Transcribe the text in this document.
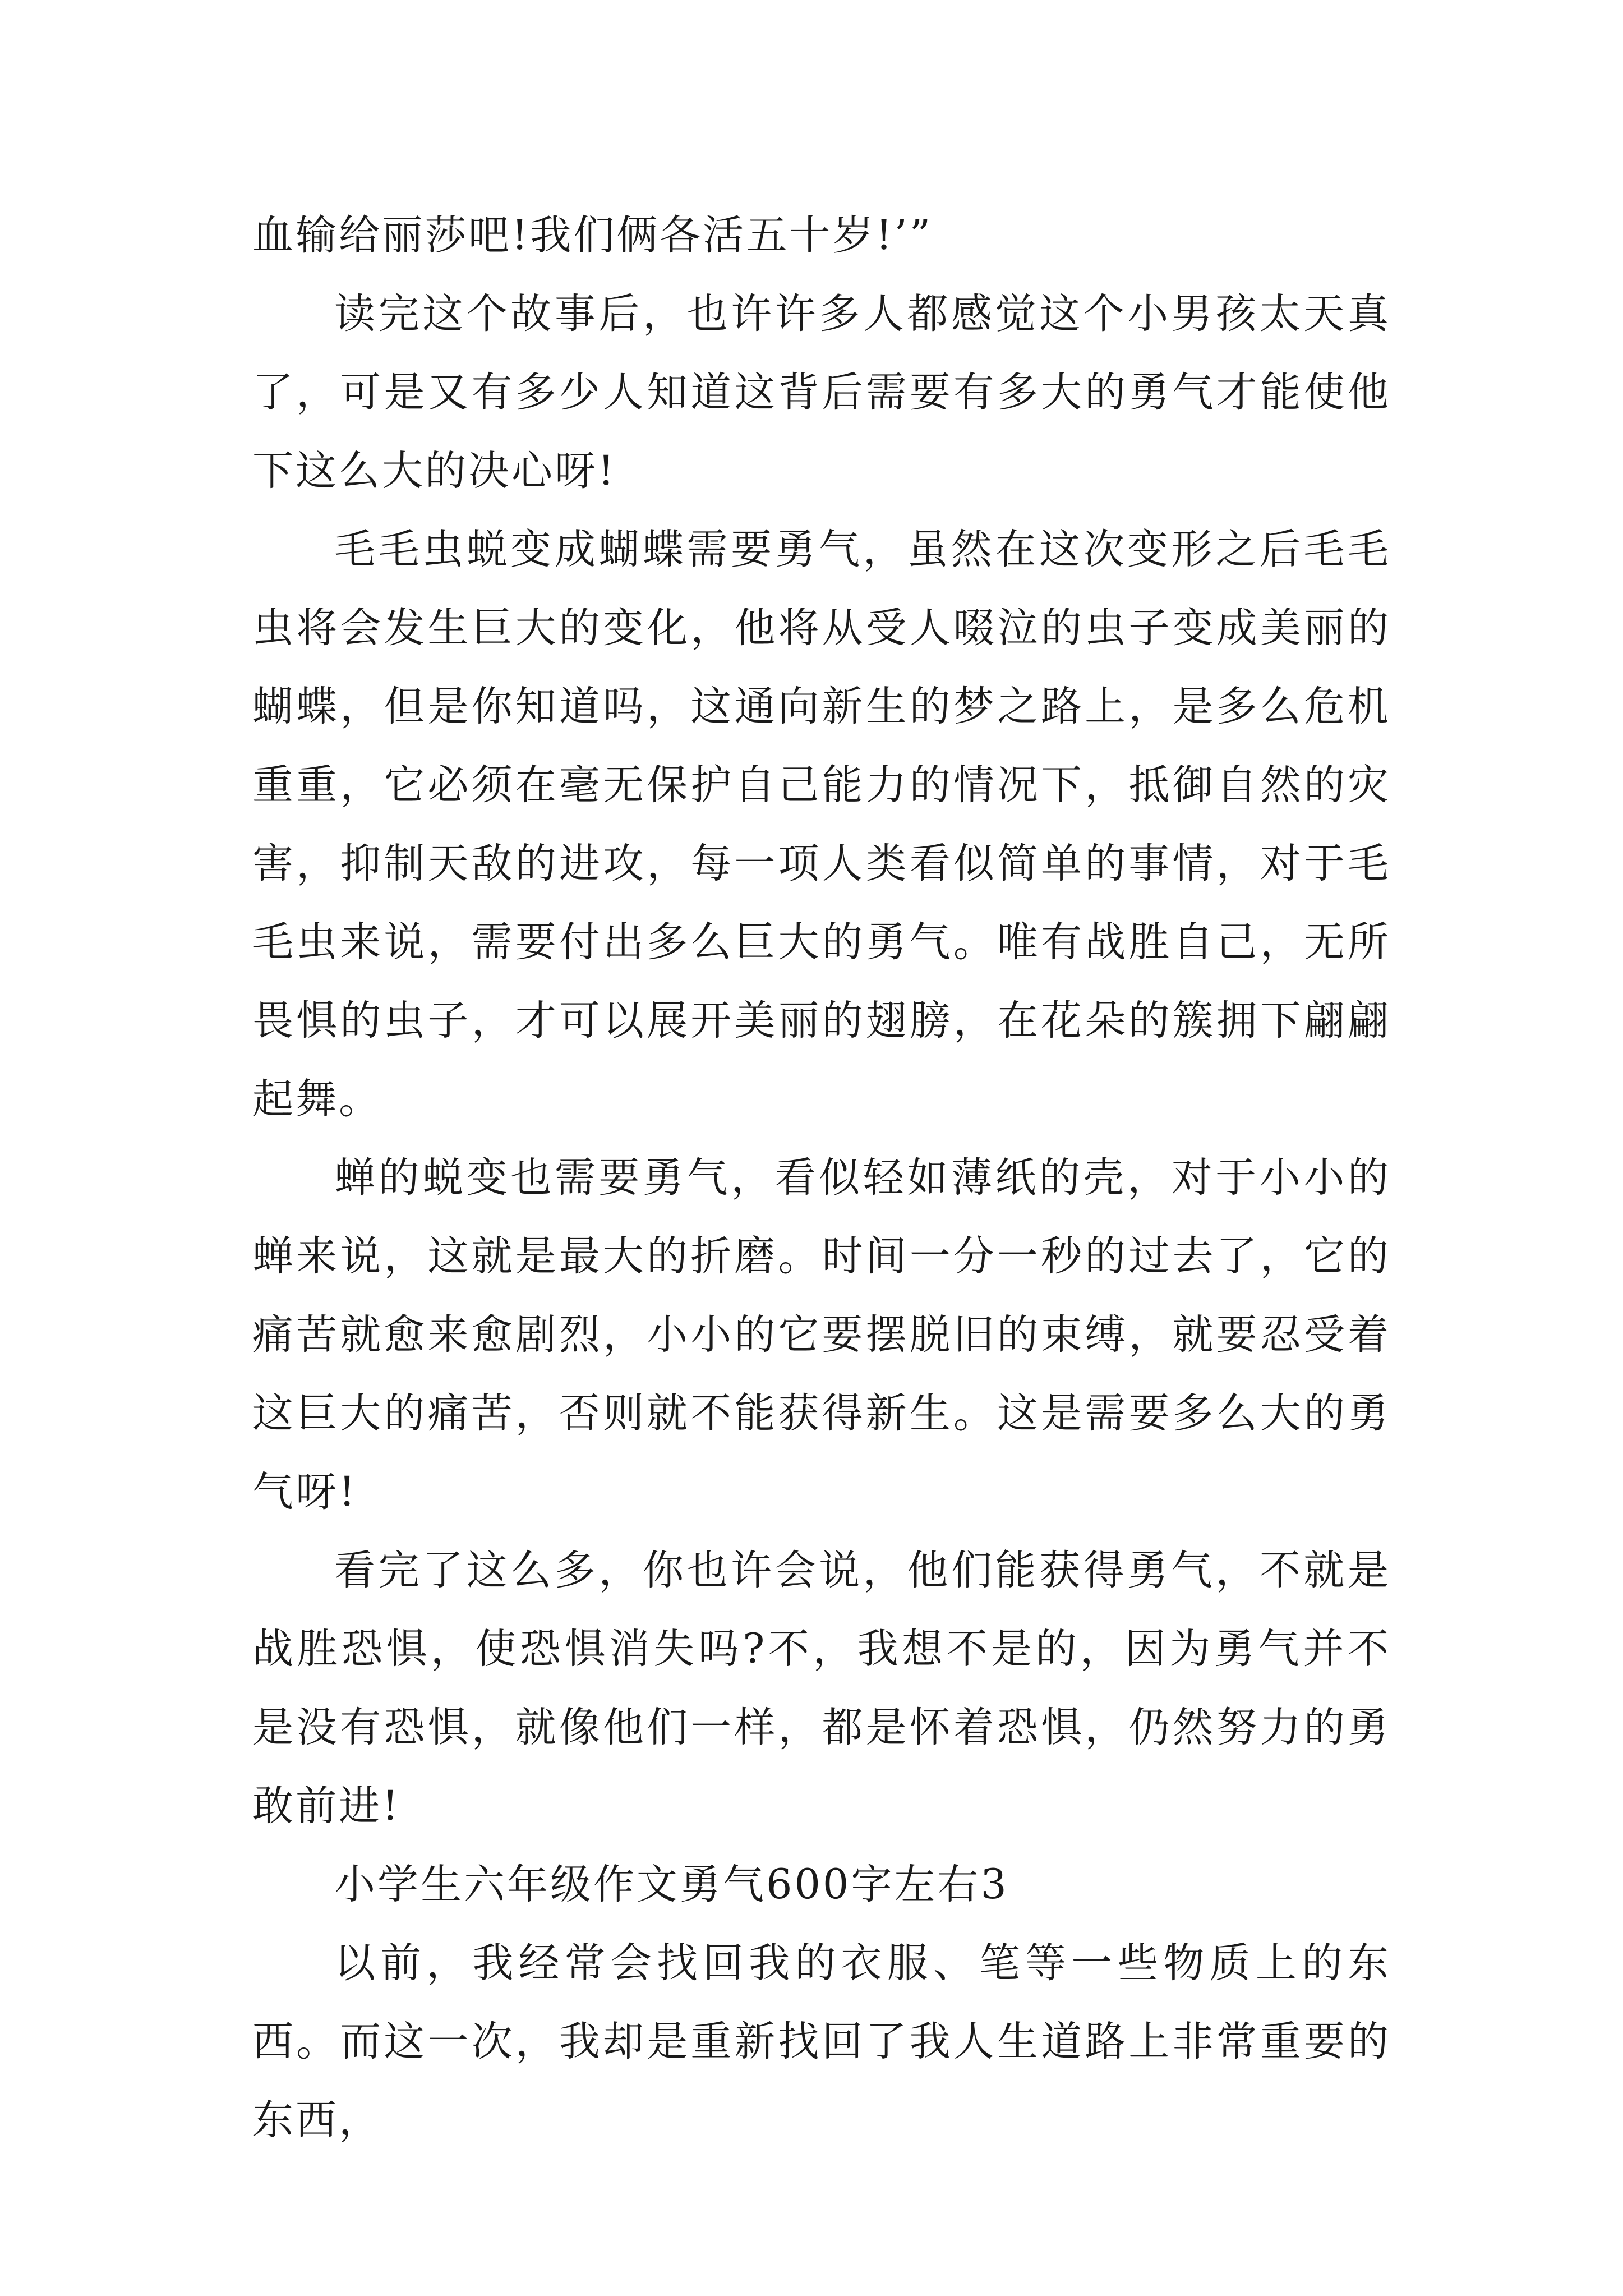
血输给丽莎吧!我们俩各活五十岁!’”

读完这个故事后，也许许多人都感觉这个小男孩太天真了，可是又有多少人知道这背后需要有多大的勇气才能使他下这么大的决心呀!

毛毛虫蜕变成蝴蝶需要勇气，虽然在这次变形之后毛毛虫将会发生巨大的变化，他将从受人啜泣的虫子变成美丽的蝴蝶，但是你知道吗，这通向新生的梦之路上，是多么危机重重，它必须在毫无保护自己能力的情况下，抵御自然的灾害，抑制天敌的进攻，每一项人类看似简单的事情，对于毛毛虫来说，需要付出多么巨大的勇气。唯有战胜自己，无所畏惧的虫子，才可以展开美丽的翅膀，在花朵的簇拥下翩翩起舞。

蝉的蜕变也需要勇气，看似轻如薄纸的壳，对于小小的蝉来说，这就是最大的折磨。时间一分一秒的过去了，它的痛苦就愈来愈剧烈，小小的它要摆脱旧的束缚，就要忍受着这巨大的痛苦，否则就不能获得新生。这是需要多么大的勇气呀!

看完了这么多，你也许会说，他们能获得勇气，不就是战胜恐惧，使恐惧消失吗?不，我想不是的，因为勇气并不是没有恐惧，就像他们一样，都是怀着恐惧，仍然努力的勇敢前进!

小学生六年级作文勇气600字左右3

以前，我经常会找回我的衣服、笔等一些物质上的东西。而这一次，我却是重新找回了我人生道路上非常重要的东西，
